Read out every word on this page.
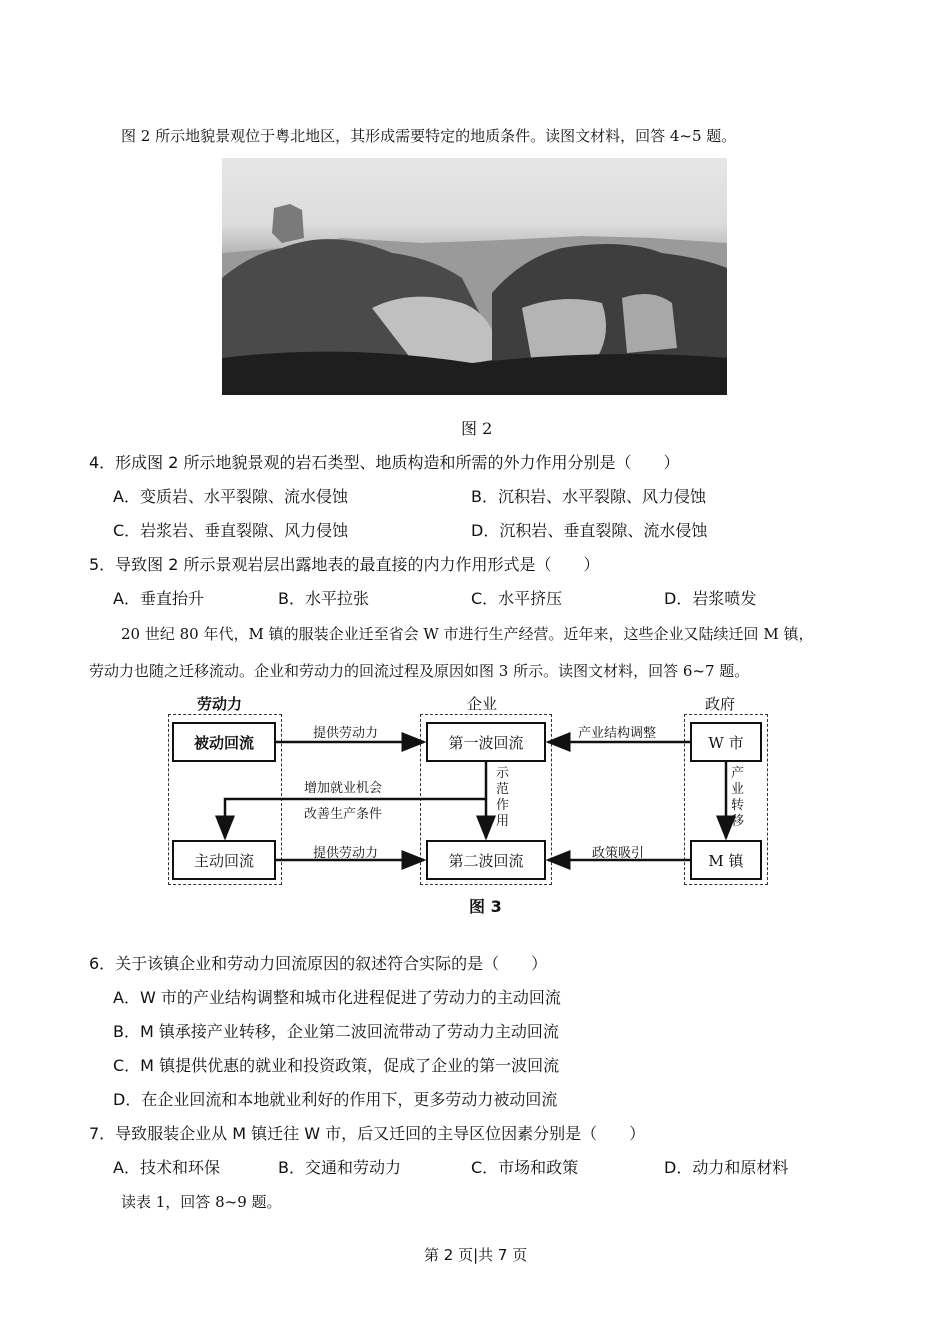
图 2 所示地貌景观位于粤北地区，其形成需要特定的地质条件。读图文材料，回答 4~5 题。
图 2
4．形成图 2 所示地貌景观的岩石类型、地质构造和所需的外力作用分别是（　　）
A．变质岩、水平裂隙、流水侵蚀	B．沉积岩、水平裂隙、风力侵蚀
C．岩浆岩、垂直裂隙、风力侵蚀	D．沉积岩、垂直裂隙、流水侵蚀
5．导致图 2 所示景观岩层出露地表的最直接的内力作用形式是（　　）
A．垂直抬升	B．水平拉张	C．水平挤压	D．岩浆喷发
20 世纪 80 年代，M 镇的服装企业迁至省会 W 市进行生产经营。近年来，这些企业又陆续迁回 M 镇，
劳动力也随之迁移流动。企业和劳动力的回流过程及原因如图 3 所示。读图文材料，回答 6~7 题。
劳动力	企业	政府
被动回流
主动回流
第一波回流
第二波回流
W 市
M 镇
提供劳动力
提供劳动力
产业结构调整
政策吸引
增加就业机会
改善生产条件
示范作用
产业转移
图 3
6．关于该镇企业和劳动力回流原因的叙述符合实际的是（　　）
A．W 市的产业结构调整和城市化进程促进了劳动力的主动回流
B．M 镇承接产业转移，企业第二波回流带动了劳动力主动回流
C．M 镇提供优惠的就业和投资政策，促成了企业的第一波回流
D．在企业回流和本地就业利好的作用下，更多劳动力被动回流
7．导致服装企业从 M 镇迁往 W 市，后又迁回的主导区位因素分别是（　　）
A．技术和环保	B．交通和劳动力	C．市场和政策	D．动力和原材料
读表 1，回答 8~9 题。
第 2 页|共 7 页
